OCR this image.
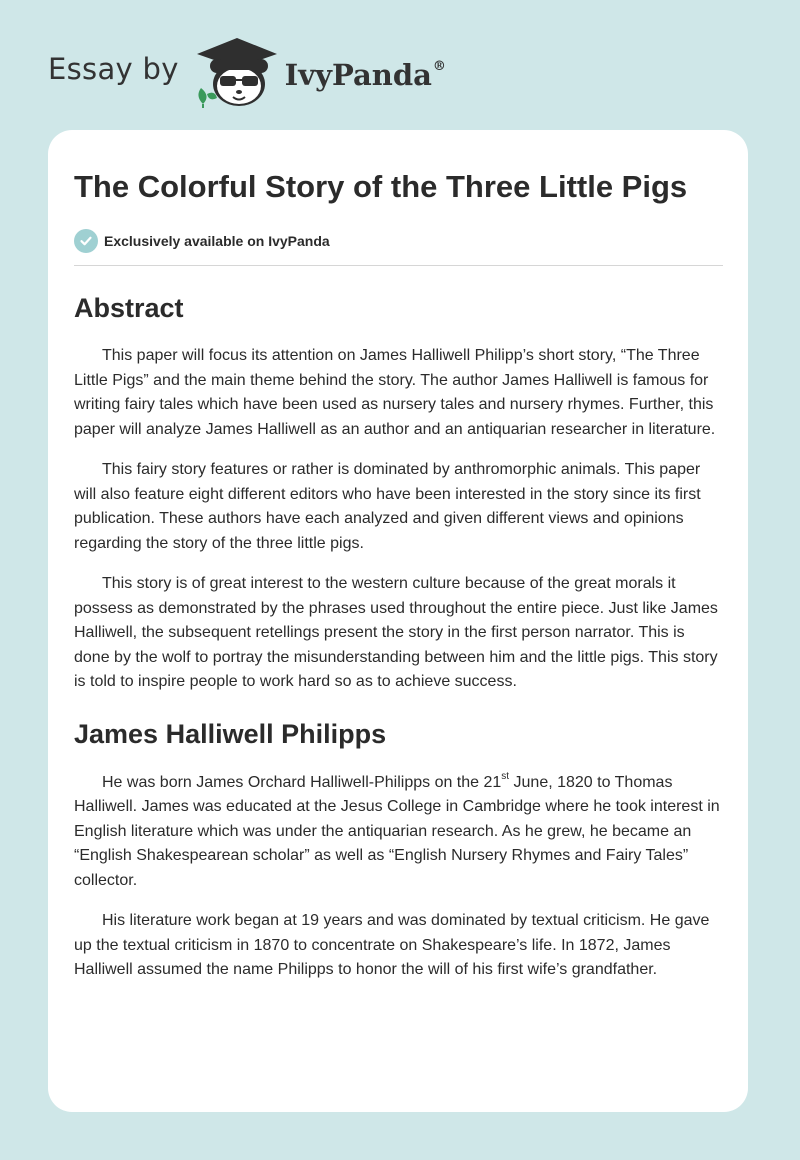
Essay by	IvyPanda®
The Colorful Story of the Three Little Pigs
Exclusively available on IvyPanda
Abstract

This paper will focus its attention on James Halliwell Philipp’s short story, “The Three Little Pigs” and the main theme behind the story. The author James Halliwell is famous for writing fairy tales which have been used as nursery tales and nursery rhymes. Further, this paper will analyze James Halliwell as an author and an antiquarian researcher in literature.

This fairy story features or rather is dominated by anthromorphic animals. This paper will also feature eight different editors who have been interested in the story since its first publication. These authors have each analyzed and given different views and opinions regarding the story of the three little pigs.

This story is of great interest to the western culture because of the great morals it possess as demonstrated by the phrases used throughout the entire piece. Just like James Halliwell, the subsequent retellings present the story in the first person narrator. This is done by the wolf to portray the misunderstanding between him and the little pigs. This story is told to inspire people to work hard so as to achieve success.

James Halliwell Philipps

He was born James Orchard Halliwell-Philipps on the 21st June, 1820 to Thomas Halliwell. James was educated at the Jesus College in Cambridge where he took interest in English literature which was under the antiquarian research. As he grew, he became an “English Shakespearean scholar” as well as “English Nursery Rhymes and Fairy Tales” collector.

His literature work began at 19 years and was dominated by textual criticism. He gave up the textual criticism in 1870 to concentrate on Shakespeare’s life. In 1872, James Halliwell assumed the name Philipps to honor the will of his first wife’s grandfather.
